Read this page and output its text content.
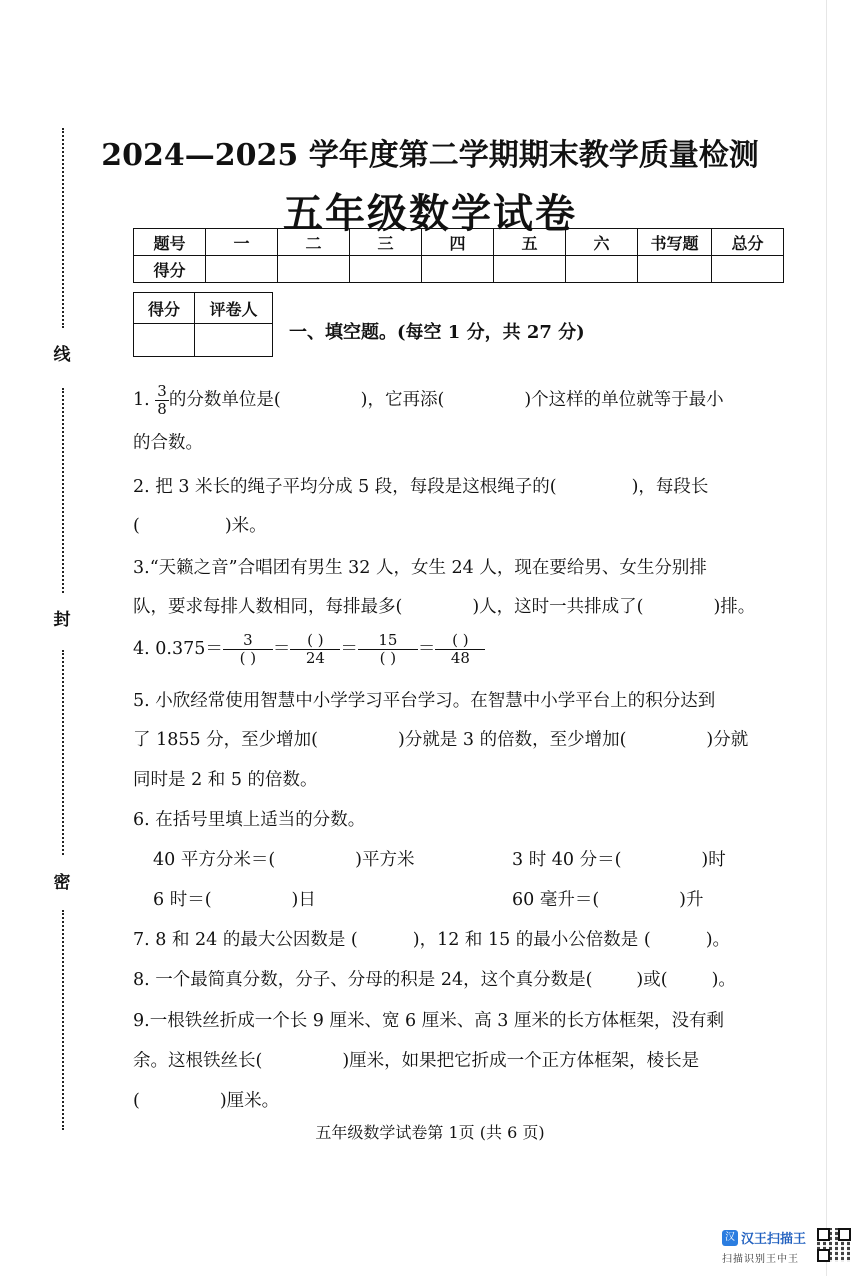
线
封
密
2024—2025 学年度第二学期期末教学质量检测
五年级数学试卷
题号	一	二	三	四	五	六	书写题	总分
得分								
得分	评卷人

一、填空题。(每空 1 分，共 27 分)
1. $\frac{3}{8}$ 的分数单位是(	)，它再添(	)个这样的单位就等于最小
的合数。
2. 把 3 米长的绳子平均分成 5 段，每段是这根绳子的(	)，每段长
(	)米。
3.“天籁之音”合唱团有男生 32 人，女生 24 人，现在要给男、女生分别排
队，要求每排人数相同，每排最多(	)人，这时一共排成了(	)排。
4. $0.375= \frac{3}{( )} = \frac{( )}{24} = \frac{15}{( )} = \frac{( )}{48}$
5. 小欣经常使用智慧中小学学习平台学习。在智慧中小学平台上的积分达到
了 1855 分，至少增加(	)分就是 3 的倍数，至少增加(	)分就
同时是 2 和 5 的倍数。
6. 在括号里填上适当的分数。
40 平方分米＝(	)平方米	3 时 40 分＝(	)时
6 时＝(	)日	60 毫升＝(	)升
7. 8 和 24 的最大公因数是 (	)，12 和 15 的最小公倍数是 (	)。
8. 一个最简真分数，分子、分母的积是 24，这个真分数是(	)或(	)。
9.一根铁丝折成一个长 9 厘米、宽 6 厘米、高 3 厘米的长方体框架，没有剩
余。这根铁丝长(	)厘米，如果把它折成一个正方体框架，棱长是
(	)厘米。
五年级数学试卷第 1页 (共 6 页)
汉 汉王扫描王
扫描识别王中王
